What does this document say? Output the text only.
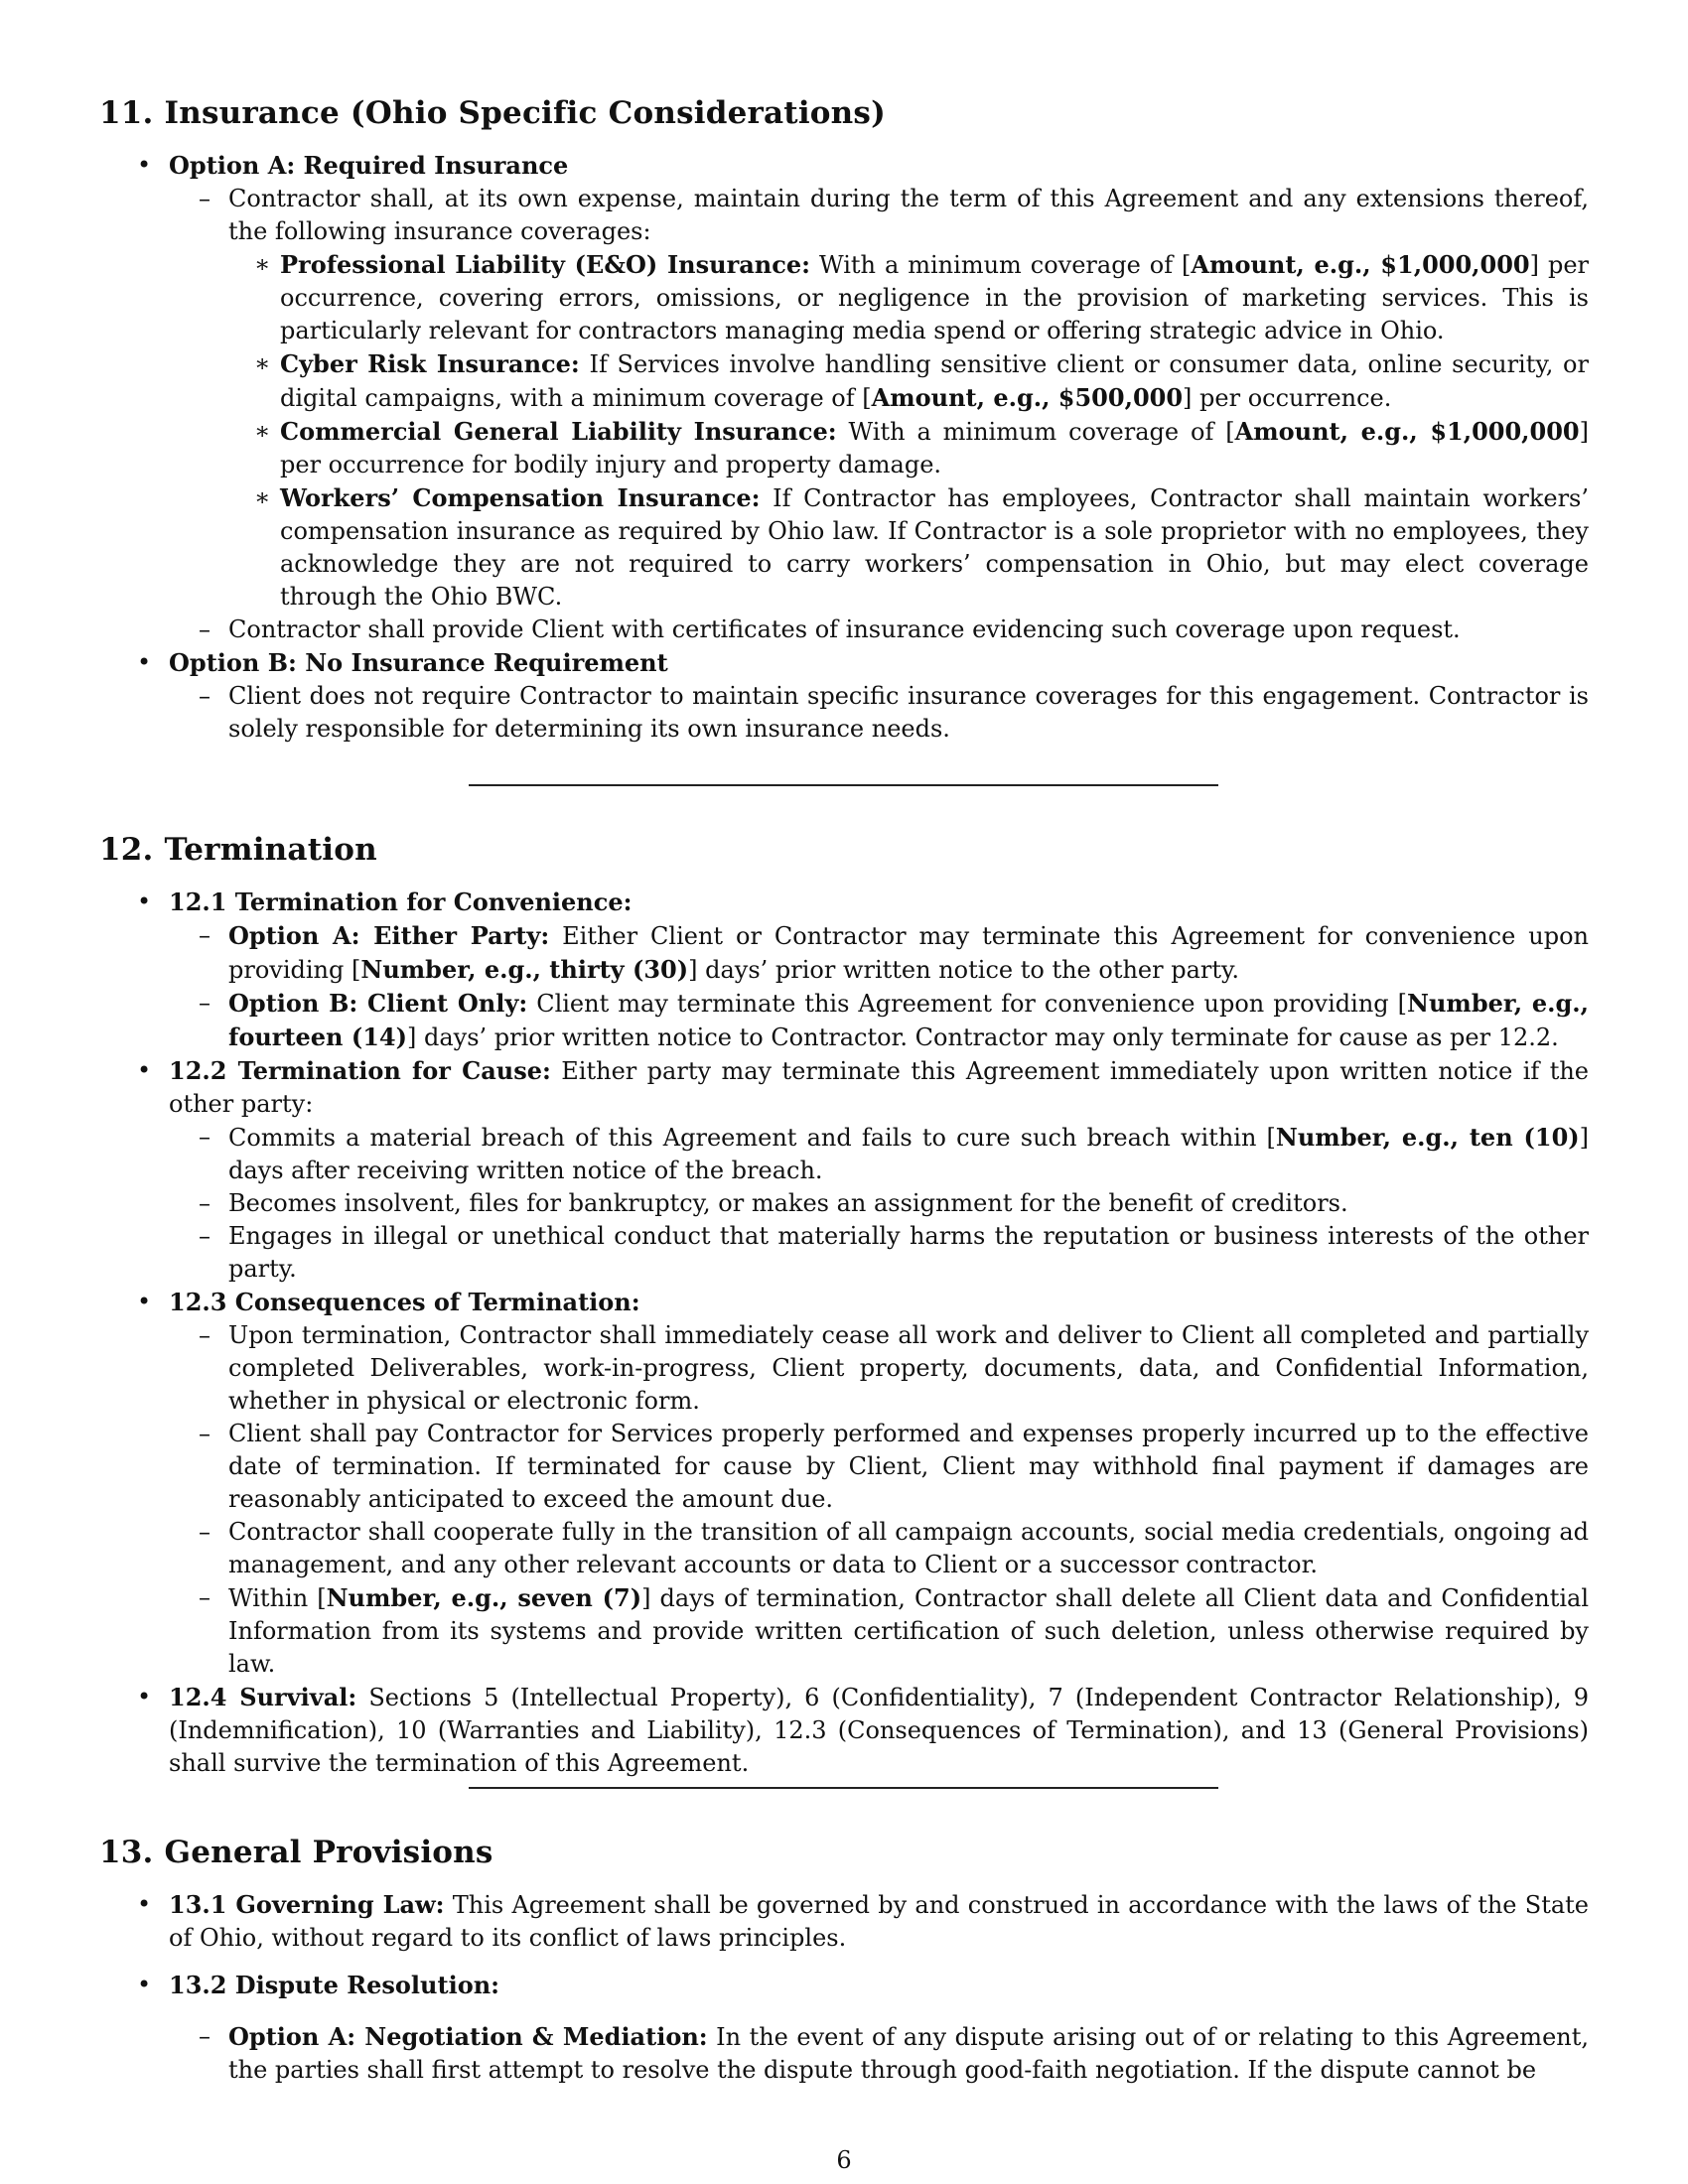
11. Insurance (Ohio Specific Considerations)
• Option A: Required Insurance
– Contractor shall, at its own expense, maintain during the term of this Agreement and any extensions thereof, the following insurance coverages:
∗ Professional Liability (E&O) Insurance: With a minimum coverage of [Amount, e.g., $1,000,000] per occurrence, covering errors, omissions, or negligence in the provision of marketing services. This is particularly relevant for contractors managing media spend or offering strategic advice in Ohio.
∗ Cyber Risk Insurance: If Services involve handling sensitive client or consumer data, online security, or digital campaigns, with a minimum coverage of [Amount, e.g., $500,000] per occurrence.
∗ Commercial General Liability Insurance: With a minimum coverage of [Amount, e.g., $1,000,000] per occurrence for bodily injury and property damage.
∗ Workers’ Compensation Insurance: If Contractor has employees, Contractor shall maintain workers’ compensation insurance as required by Ohio law. If Contractor is a sole proprietor with no employees, they acknowledge they are not required to carry workers’ compensation in Ohio, but may elect coverage through the Ohio BWC.
– Contractor shall provide Client with certificates of insurance evidencing such coverage upon request.
• Option B: No Insurance Requirement
– Client does not require Contractor to maintain specific insurance coverages for this engagement. Contractor is solely responsible for determining its own insurance needs.
12. Termination
• 12.1 Termination for Convenience:
– Option A: Either Party: Either Client or Contractor may terminate this Agreement for convenience upon providing [Number, e.g., thirty (30)] days’ prior written notice to the other party.
– Option B: Client Only: Client may terminate this Agreement for convenience upon providing [Number, e.g., fourteen (14)] days’ prior written notice to Contractor. Contractor may only terminate for cause as per 12.2.
• 12.2 Termination for Cause: Either party may terminate this Agreement immediately upon written notice if the other party:
– Commits a material breach of this Agreement and fails to cure such breach within [Number, e.g., ten (10)] days after receiving written notice of the breach.
– Becomes insolvent, files for bankruptcy, or makes an assignment for the benefit of creditors.
– Engages in illegal or unethical conduct that materially harms the reputation or business interests of the other party.
• 12.3 Consequences of Termination:
– Upon termination, Contractor shall immediately cease all work and deliver to Client all completed and partially completed Deliverables, work-in-progress, Client property, documents, data, and Confidential Information, whether in physical or electronic form.
– Client shall pay Contractor for Services properly performed and expenses properly incurred up to the effective date of termination. If terminated for cause by Client, Client may withhold final payment if damages are reasonably anticipated to exceed the amount due.
– Contractor shall cooperate fully in the transition of all campaign accounts, social media credentials, ongoing ad management, and any other relevant accounts or data to Client or a successor contractor.
– Within [Number, e.g., seven (7)] days of termination, Contractor shall delete all Client data and Confidential Information from its systems and provide written certification of such deletion, unless otherwise required by law.
• 12.4 Survival: Sections 5 (Intellectual Property), 6 (Confidentiality), 7 (Independent Contractor Relationship), 9 (Indemnification), 10 (Warranties and Liability), 12.3 (Consequences of Termination), and 13 (General Provisions) shall survive the termination of this Agreement.
13. General Provisions
• 13.1 Governing Law: This Agreement shall be governed by and construed in accordance with the laws of the State of Ohio, without regard to its conflict of laws principles.
• 13.2 Dispute Resolution:
– Option A: Negotiation & Mediation: In the event of any dispute arising out of or relating to this Agreement, the parties shall first attempt to resolve the dispute through good-faith negotiation. If the dispute cannot be
6
